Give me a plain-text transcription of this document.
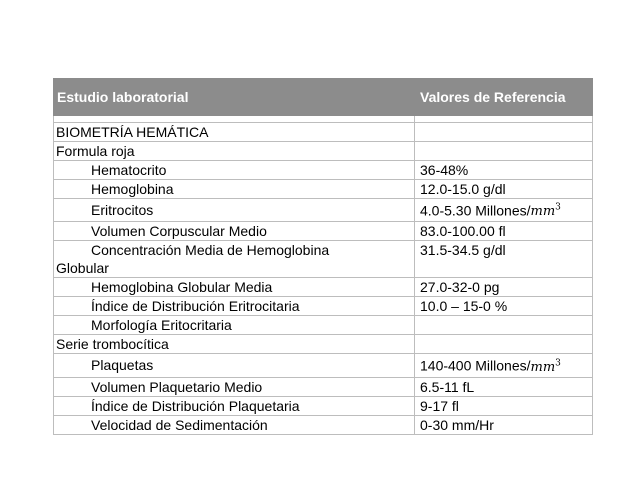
Estudio laboratorial	Valores de Referencia

BIOMETRÍA HEMÁTICA	
Formula roja	
Hematocrito	36-48%
Hemoglobina	12.0-15.0 g/dl
Eritrocitos	4.0-5.30 Millones/$mm^3$
Volumen Corpuscular Medio	83.0-100.00 fl

Concentración Media de Hemoglobina
Globular	31.5-34.5 g/dl
Hemoglobina Globular Media	27.0-32-0 pg
Índice de Distribución Eritrocitaria	10.0 – 15-0 %
Morfología Eritocritaria	
Serie trombocítica	
Plaquetas	140-400 Millones/$mm^3$
Volumen Plaquetario Medio	6.5-11 fL
Índice de Distribución Plaquetaria	9-17 fl
Velocidad de Sedimentación	0-30 mm/Hr
